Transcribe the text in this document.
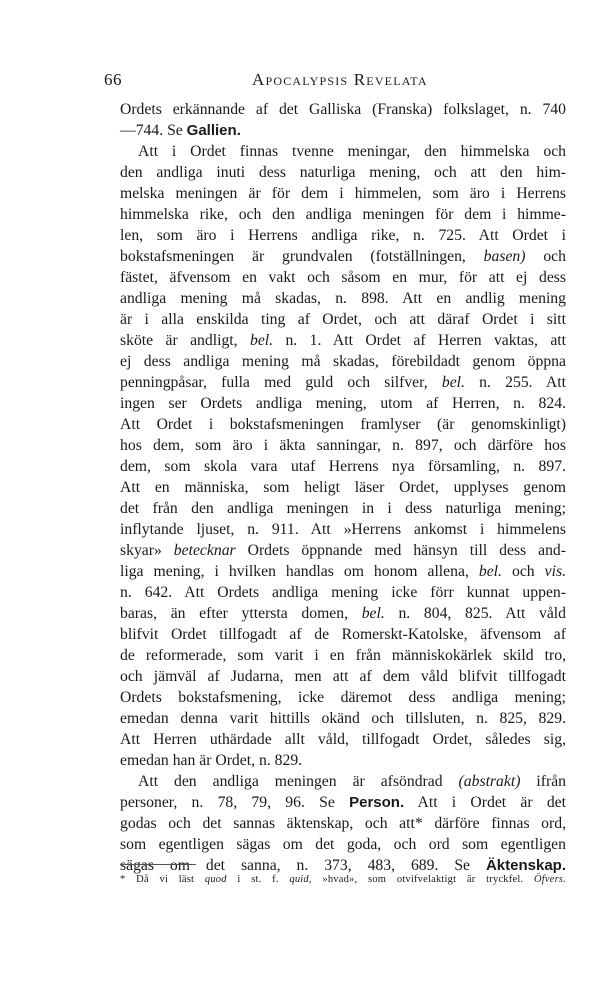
66	Apocalypsis Revelata
Ordets erkännande af det Galliska (Franska) folkslaget, n. 740
—744. Se Gallien.
Att i Ordet finnas tvenne meningar, den himmelska och
den andliga inuti dess naturliga mening, och att den him-
melska meningen är för dem i himmelen, som äro i Herrens
himmelska rike, och den andliga meningen för dem i himme-
len, som äro i Herrens andliga rike, n. 725. Att Ordet i
bokstafsmeningen är grundvalen (fotställningen, basen) och
fästet, äfvensom en vakt och såsom en mur, för att ej dess
andliga mening må skadas, n. 898. Att en andlig mening
är i alla enskilda ting af Ordet, och att däraf Ordet i sitt
sköte är andligt, bel. n. 1. Att Ordet af Herren vaktas, att
ej dess andliga mening må skadas, förebildadt genom öppna
penningpåsar, fulla med guld och silfver, bel. n. 255. Att
ingen ser Ordets andliga mening, utom af Herren, n. 824.
Att Ordet i bokstafsmeningen framlyser (är genomskinligt)
hos dem, som äro i äkta sanningar, n. 897, och därföre hos
dem, som skola vara utaf Herrens nya församling, n. 897.
Att en människa, som heligt läser Ordet, upplyses genom
det från den andliga meningen in i dess naturliga mening;
inflytande ljuset, n. 911. Att »Herrens ankomst i himmelens
skyar» betecknar Ordets öppnande med hänsyn till dess and-
liga mening, i hvilken handlas om honom allena, bel. och vis.
n. 642. Att Ordets andliga mening icke förr kunnat uppen-
baras, än efter yttersta domen, bel. n. 804, 825. Att våld
blifvit Ordet tillfogadt af de Romerskt-Katolske, äfvensom af
de reformerade, som varit i en från människokärlek skild tro,
och jämväl af Judarna, men att af dem våld blifvit tillfogadt
Ordets bokstafsmening, icke däremot dess andliga mening;
emedan denna varit hittills okänd och tillsluten, n. 825, 829.
Att Herren uthärdade allt våld, tillfogadt Ordet, således sig,
emedan han är Ordet, n. 829.
Att den andliga meningen är afsöndrad (abstrakt) ifrån
personer, n. 78, 79, 96. Se Person. Att i Ordet är det
godas och det sannas äktenskap, och att* därföre finnas ord,
som egentligen sägas om det goda, och ord som egentligen
sägas om det sanna, n. 373, 483, 689. Se Äktenskap.
* Då vi läst quod i st. f. quid, »hvad», som otvifvelaktigt är tryckfel. Öfvers.
